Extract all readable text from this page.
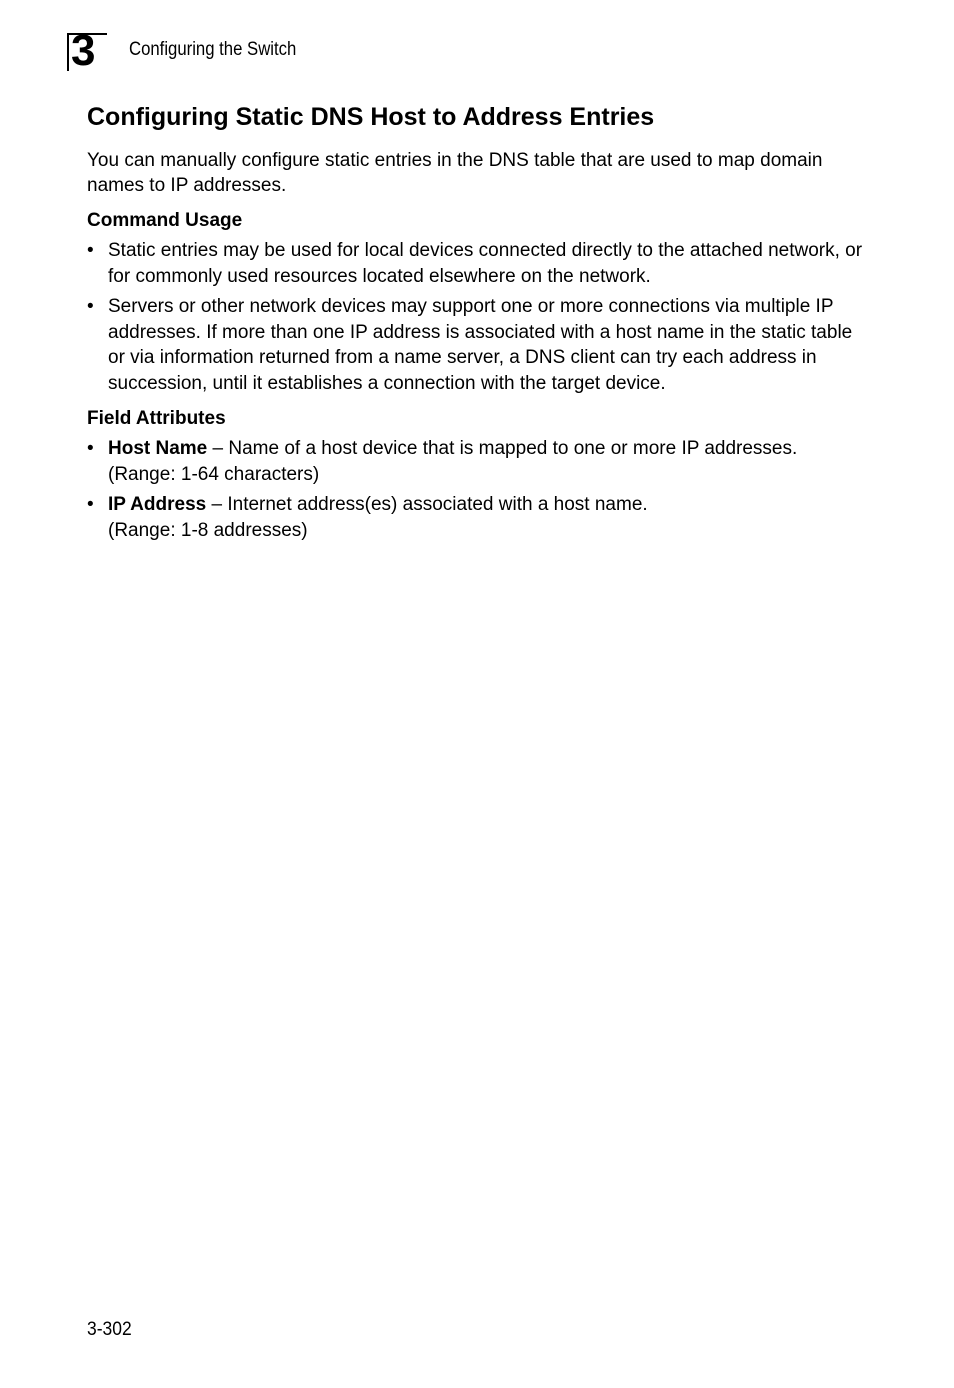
3 Configuring the Switch
Configuring Static DNS Host to Address Entries

You can manually configure static entries in the DNS table that are used to map domain names to IP addresses.

Command Usage
• Static entries may be used for local devices connected directly to the attached network, or for commonly used resources located elsewhere on the network.
• Servers or other network devices may support one or more connections via multiple IP addresses. If more than one IP address is associated with a host name in the static table or via information returned from a name server, a DNS client can try each address in succession, until it establishes a connection with the target device.
Field Attributes
• Host Name – Name of a host device that is mapped to one or more IP addresses.
(Range: 1-64 characters)
• IP Address – Internet address(es) associated with a host name.
(Range: 1-8 addresses)
3-302
